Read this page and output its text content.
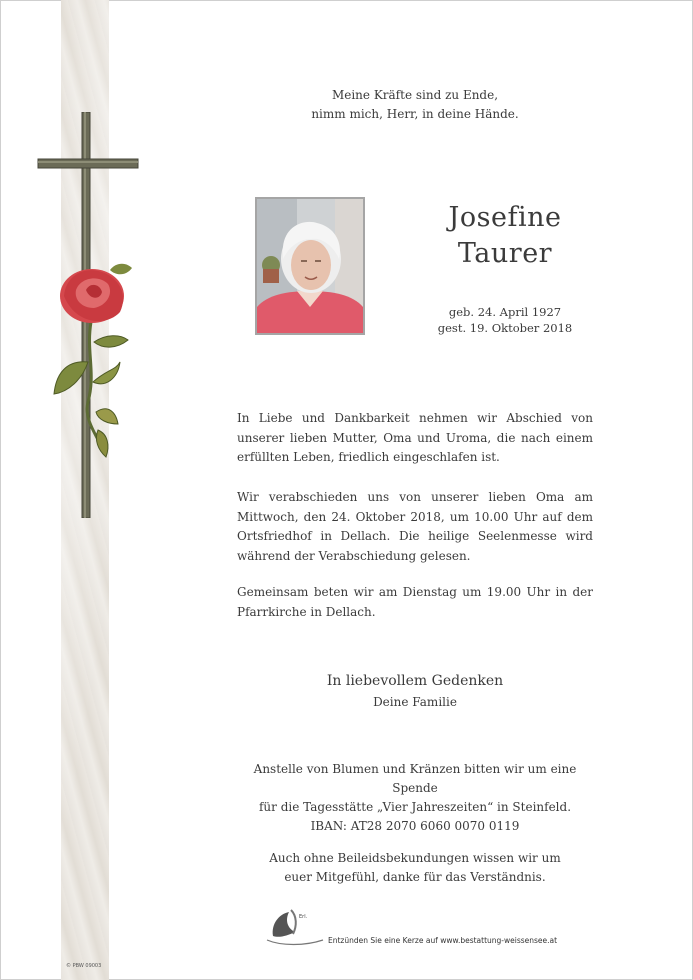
© PBW 09003
Meine Kräfte sind zu Ende,
nimm mich, Herr, in deine Hände.
Josefine
Taurer
geb. 24. April 1927
gest. 19. Oktober 2018
In Liebe und Dankbarkeit nehmen wir Abschied von unserer lieben Mutter, Oma und Uroma, die nach einem erfüllten Leben, friedlich eingeschlafen ist.
Wir verabschieden uns von unserer lieben Oma am Mittwoch, den 24. Oktober 2018, um 10.00 Uhr auf dem Ortsfriedhof in Dellach. Die heilige Seelenmesse wird während der Verabschiedung gelesen.
Gemeinsam beten wir am Dienstag um 19.00 Uhr in der Pfarrkirche in Dellach.
In liebevollem Gedenken
Deine Familie
Anstelle von Blumen und Kränzen bitten wir um eine Spende
für die Tagesstätte „Vier Jahreszeiten“ in Steinfeld.
IBAN: AT28 2070 6060 0070 0119
Auch ohne Beileidsbekundungen wissen wir um
euer Mitgefühl, danke für das Verständnis.
Erl.
Entzünden Sie eine Kerze auf www.bestattung-weissensee.at
